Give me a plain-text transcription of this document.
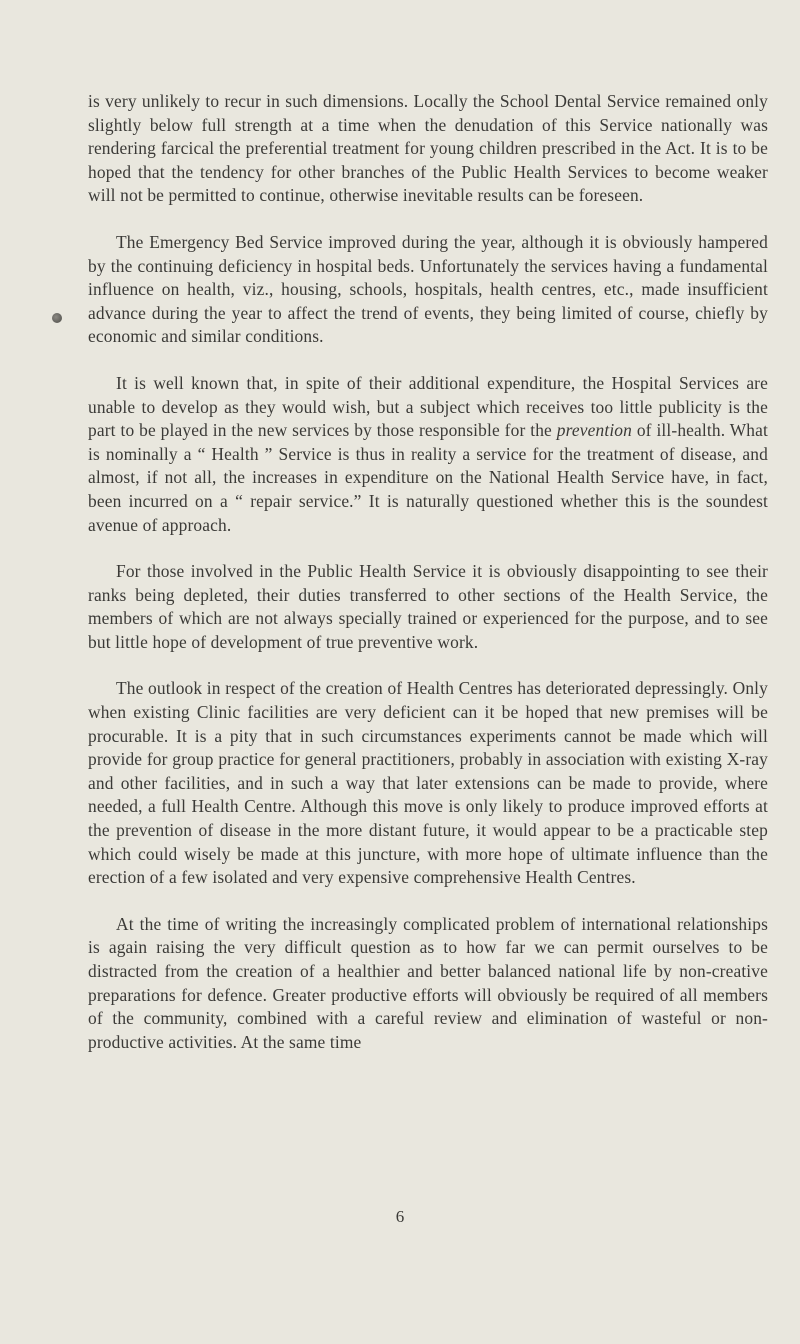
is very unlikely to recur in such dimensions. Locally the School Dental Service remained only slightly below full strength at a time when the denudation of this Service nationally was rendering farcical the preferential treatment for young children prescribed in the Act. It is to be hoped that the tendency for other branches of the Public Health Services to become weaker will not be permitted to continue, otherwise inevitable results can be foreseen.

The Emergency Bed Service improved during the year, although it is obviously hampered by the continuing deficiency in hospital beds. Unfortunately the services having a fundamental influence on health, viz., housing, schools, hospitals, health centres, etc., made insufficient advance during the year to affect the trend of events, they being limited of course, chiefly by economic and similar conditions.

It is well known that, in spite of their additional expenditure, the Hospital Services are unable to develop as they would wish, but a subject which receives too little publicity is the part to be played in the new services by those responsible for the prevention of ill-health. What is nominally a “ Health ” Service is thus in reality a service for the treatment of disease, and almost, if not all, the increases in expenditure on the National Health Service have, in fact, been incurred on a “ repair service.” It is naturally questioned whether this is the soundest avenue of approach.

For those involved in the Public Health Service it is obviously disappointing to see their ranks being depleted, their duties transferred to other sections of the Health Service, the members of which are not always specially trained or experienced for the purpose, and to see but little hope of development of true preventive work.

The outlook in respect of the creation of Health Centres has deteriorated depressingly. Only when existing Clinic facilities are very deficient can it be hoped that new premises will be procurable. It is a pity that in such circumstances experiments cannot be made which will provide for group practice for general practitioners, probably in association with existing X-ray and other facilities, and in such a way that later extensions can be made to provide, where needed, a full Health Centre. Although this move is only likely to produce improved efforts at the prevention of disease in the more distant future, it would appear to be a practicable step which could wisely be made at this juncture, with more hope of ultimate influence than the erection of a few isolated and very expensive comprehensive Health Centres.

At the time of writing the increasingly complicated problem of international relationships is again raising the very difficult question as to how far we can permit ourselves to be distracted from the creation of a healthier and better balanced national life by non-creative preparations for defence. Greater productive efforts will obviously be required of all members of the community, combined with a careful review and elimination of wasteful or non-productive activities. At the same time

6
